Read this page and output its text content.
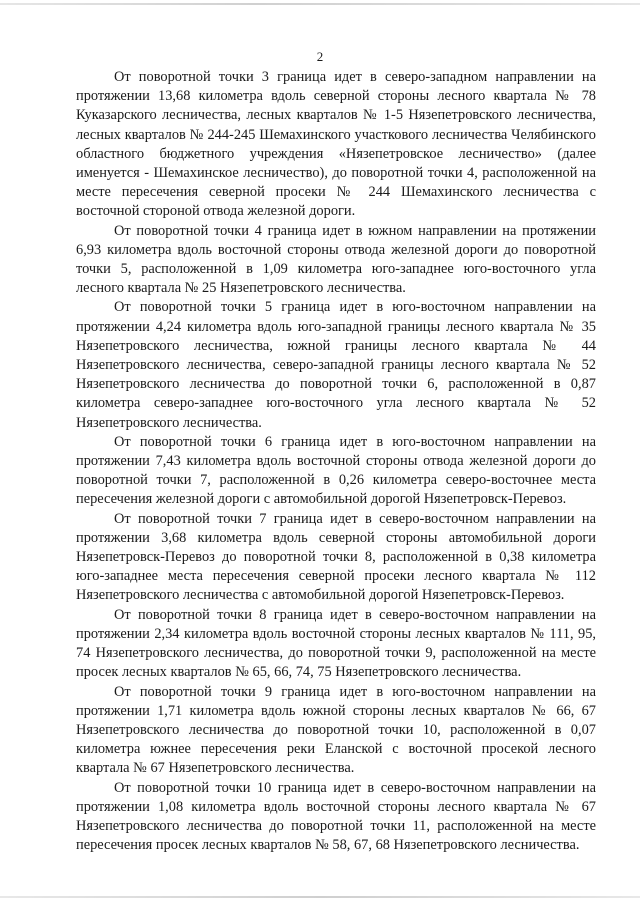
2

От поворотной точки 3 граница идет в северо-западном направлении на протяжении 13,68 километра вдоль северной стороны лесного квартала № 78 Куказарского лесничества, лесных кварталов № 1-5 Нязепетровского лесничества, лесных кварталов № 244-245 Шемахинского участкового лесничества Челябинского областного бюджетного учреждения «Нязепетровское лесничество» (далее именуется - Шемахинское лесничество), до поворотной точки 4, расположенной на месте пересечения северной просеки № 244 Шемахинского лесничества с восточной стороной отвода железной дороги.

От поворотной точки 4 граница идет в южном направлении на протяжении 6,93 километра вдоль восточной стороны отвода железной дороги до поворотной точки 5, расположенной в 1,09 километра юго-западнее юго-восточного угла лесного квартала № 25 Нязепетровского лесничества.

От поворотной точки 5 граница идет в юго-восточном направлении на протяжении 4,24 километра вдоль юго-западной границы лесного квартала № 35 Нязепетровского лесничества, южной границы лесного квартала № 44 Нязепетровского лесничества, северо-западной границы лесного квартала № 52 Нязепетровского лесничества до поворотной точки 6, расположенной в 0,87 километра северо-западнее юго-восточного угла лесного квартала № 52 Нязепетровского лесничества.

От поворотной точки 6 граница идет в юго-восточном направлении на протяжении 7,43 километра вдоль восточной стороны отвода железной дороги до поворотной точки 7, расположенной в 0,26 километра северо-восточнее места пересечения железной дороги с автомобильной дорогой Нязепетровск-Перевоз.

От поворотной точки 7 граница идет в северо-восточном направлении на протяжении 3,68 километра вдоль северной стороны автомобильной дороги Нязепетровск-Перевоз до поворотной точки 8, расположенной в 0,38 километра юго-западнее места пересечения северной просеки лесного квартала № 112 Нязепетровского лесничества с автомобильной дорогой Нязепетровск-Перевоз.

От поворотной точки 8 граница идет в северо-восточном направлении на протяжении 2,34 километра вдоль восточной стороны лесных кварталов № 111, 95, 74 Нязепетровского лесничества, до поворотной точки 9, расположенной на месте просек лесных кварталов № 65, 66, 74, 75 Нязепетровского лесничества.

От поворотной точки 9 граница идет в юго-восточном направлении на протяжении 1,71 километра вдоль южной стороны лесных кварталов № 66, 67 Нязепетровского лесничества до поворотной точки 10, расположенной в 0,07 километра южнее пересечения реки Еланской с восточной просекой лесного квартала № 67 Нязепетровского лесничества.

От поворотной точки 10 граница идет в северо-восточном направлении на протяжении 1,08 километра вдоль восточной стороны лесного квартала № 67 Нязепетровского лесничества до поворотной точки 11, расположенной на месте пересечения просек лесных кварталов № 58, 67, 68 Нязепетровского лесничества.
